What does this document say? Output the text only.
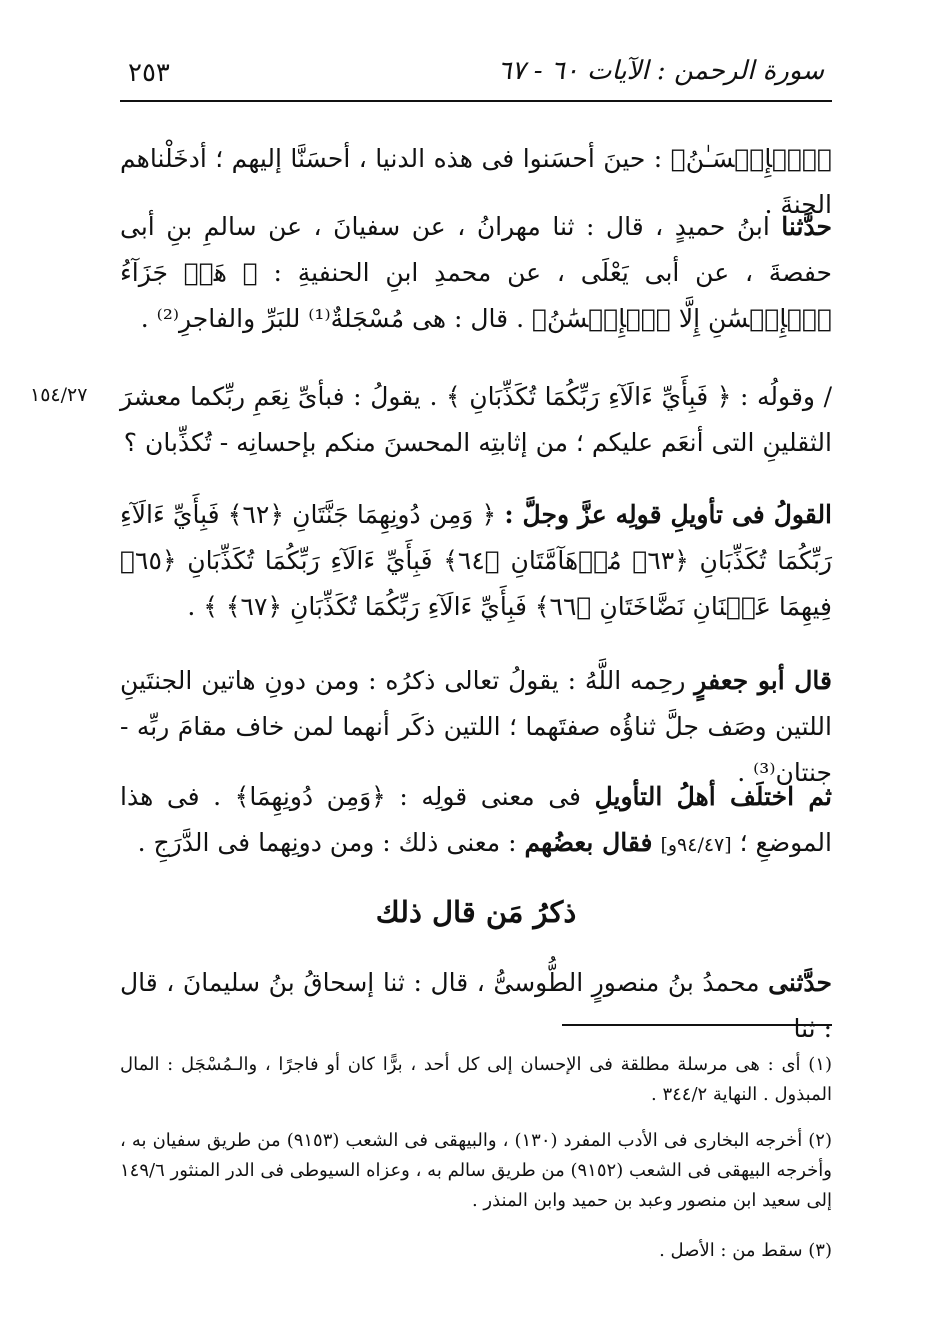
٢٥٣	سورة الرحمن : الآيات ٦٠ - ٦٧
﴿ٱلۡإِحۡسَـٰنُ﴾ : حينَ أحسَنوا فى هذه الدنيا ، أحسَنَّا إليهم ؛ أدخَلْناهم الجنةَ .
حدَّثنا ابنُ حميدٍ ، قال : ثنا مهرانُ ، عن سفيانَ ، عن سالمِ بنِ أبى حفصةَ ، عن أبى يَعْلَى ، عن محمدِ ابنِ الحنفيةِ : ﴿ هَلۡ جَزَآءُ ٱلۡإِحۡسَٰنِ إِلَّا ٱلۡإِحۡسَٰنُ﴾ . قال : هى مُسْجَلةٌ⁽¹⁾ للبَرِّ والفاجرِ⁽²⁾ .
/ وقولُه : ﴿ فَبِأَيِّ ءَالَآءِ رَبِّكُمَا تُكَذِّبَانِ ﴾ . يقولُ : فبأىِّ نِعَمِ ربِّكما معشرَ الثقلينِ التى أنعَم عليكم ؛ من إثابتِه المحسنَ منكم بإحسانِه - تُكذِّبان ؟
١٥٤/٢٧
القولُ فى تأويلِ قولِه عزَّ وجلَّ : ﴿ وَمِن دُونِهِمَا جَنَّتَانِ ﴿٦٢﴾ فَبِأَيِّ ءَالَآءِ رَبِّكُمَا تُكَذِّبَانِ ﴿٦٣﴾ مُدۡهَآمَّتَانِ ﴿٦٤﴾ فَبِأَيِّ ءَالَآءِ رَبِّكُمَا تُكَذِّبَانِ ﴿٦٥﴾ فِيهِمَا عَيۡنَانِ نَضَّاخَتَانِ ﴿٦٦﴾ فَبِأَيِّ ءَالَآءِ رَبِّكُمَا تُكَذِّبَانِ ﴿٦٧﴾ ﴾ .
قال أبو جعفرٍ رحِمه اللَّهُ : يقولُ تعالى ذكرُه : ومن دونِ هاتين الجنتَينِ اللتين وصَف جلَّ ثناؤُه صفتَهما ؛ اللتين ذكَر أنهما لمن خاف مقامَ ربِّه - جنتان⁽³⁾ .
ثم اختلَف أهلُ التأويلِ فى معنى قولِه : ﴿وَمِن دُونِهِمَا﴾ . فى هذا الموضعِ ؛ [٩٤/٤٧و] فقال بعضُهم : معنى ذلك : ومن دونِهما فى الدَّرَجِ .
ذكرُ مَن قال ذلك
حدَّثنى محمدُ بنُ منصورٍ الطُّوسىُّ ، قال : ثنا إسحاقُ بنُ سليمانَ ، قال : ثنا
(١) أى : هى مرسلة مطلقة فى الإحسان إلى كل أحد ، برًّا كان أو فاجرًا ، والـمُسْجَل : المال المبذول . النهاية ٣٤٤/٢ .
(٢) أخرجه البخارى فى الأدب المفرد (١٣٠) ، والبيهقى فى الشعب (٩١٥٣) من طريق سفيان به ، وأخرجه البيهقى فى الشعب (٩١٥٢) من طريق سالم به ، وعزاه السيوطى فى الدر المنثور ١٤٩/٦ إلى سعيد ابن منصور وعبد بن حميد وابن المنذر .
(٣) سقط من : الأصل .
